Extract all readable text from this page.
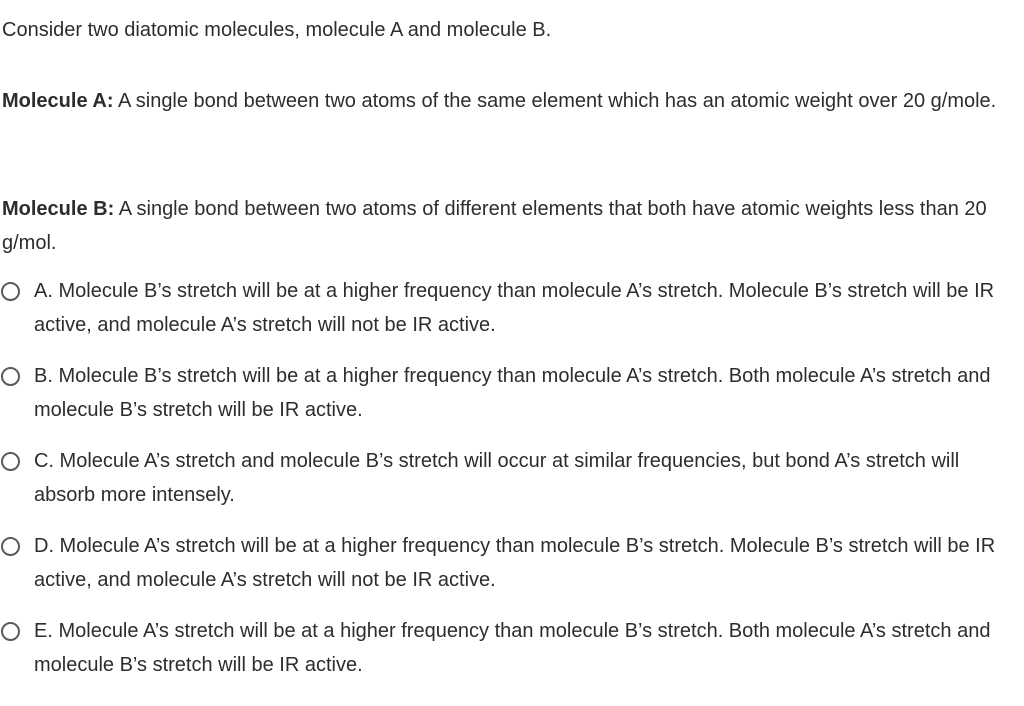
Consider two diatomic molecules, molecule A and molecule B.

Molecule A: A single bond between two atoms of the same element which has an atomic weight over 20 g/mole.

Molecule B: A single bond between two atoms of different elements that both have atomic weights less than 20 g/mol.

A. Molecule B’s stretch will be at a higher frequency than molecule A’s stretch. Molecule B’s stretch will be IR active, and molecule A’s stretch will not be IR active.
B. Molecule B’s stretch will be at a higher frequency than molecule A’s stretch. Both molecule A’s stretch and molecule B’s stretch will be IR active.
C. Molecule A’s stretch and molecule B’s stretch will occur at similar frequencies, but bond A’s stretch will absorb more intensely.
D. Molecule A’s stretch will be at a higher frequency than molecule B’s stretch. Molecule B’s stretch will be IR active, and molecule A’s stretch will not be IR active.
E. Molecule A’s stretch will be at a higher frequency than molecule B’s stretch. Both molecule A’s stretch and molecule B’s stretch will be IR active.
